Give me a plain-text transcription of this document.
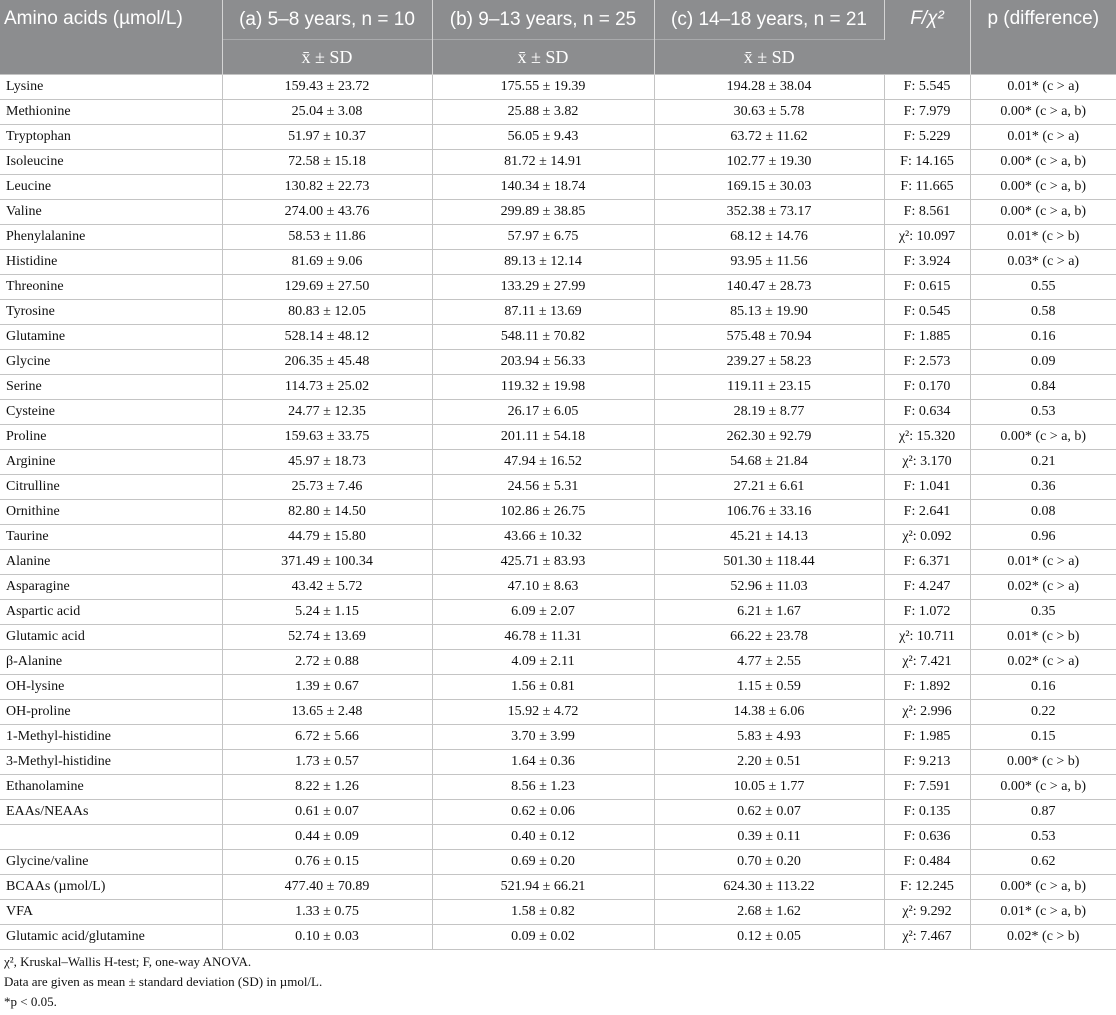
Amino acids (µmol/L)	(a) 5–8 years, n = 10	(b) 9–13 years, n = 25	(c) 14–18 years, n = 21	F/χ²	p (difference)
	x̄ ± SD	x̄ ± SD	x̄ ± SD		
Lysine	159.43 ± 23.72	175.55 ± 19.39	194.28 ± 38.04	F: 5.545	0.01* (c > a)
Methionine	25.04 ± 3.08	25.88 ± 3.82	30.63 ± 5.78	F: 7.979	0.00* (c > a, b)
Tryptophan	51.97 ± 10.37	56.05 ± 9.43	63.72 ± 11.62	F: 5.229	0.01* (c > a)
Isoleucine	72.58 ± 15.18	81.72 ± 14.91	102.77 ± 19.30	F: 14.165	0.00* (c > a, b)
Leucine	130.82 ± 22.73	140.34 ± 18.74	169.15 ± 30.03	F: 11.665	0.00* (c > a, b)
Valine	274.00 ± 43.76	299.89 ± 38.85	352.38 ± 73.17	F: 8.561	0.00* (c > a, b)
Phenylalanine	58.53 ± 11.86	57.97 ± 6.75	68.12 ± 14.76	χ²: 10.097	0.01* (c > b)
Histidine	81.69 ± 9.06	89.13 ± 12.14	93.95 ± 11.56	F: 3.924	0.03* (c > a)
Threonine	129.69 ± 27.50	133.29 ± 27.99	140.47 ± 28.73	F: 0.615	0.55
Tyrosine	80.83 ± 12.05	87.11 ± 13.69	85.13 ± 19.90	F: 0.545	0.58
Glutamine	528.14 ± 48.12	548.11 ± 70.82	575.48 ± 70.94	F: 1.885	0.16
Glycine	206.35 ± 45.48	203.94 ± 56.33	239.27 ± 58.23	F: 2.573	0.09
Serine	114.73 ± 25.02	119.32 ± 19.98	119.11 ± 23.15	F: 0.170	0.84
Cysteine	24.77 ± 12.35	26.17 ± 6.05	28.19 ± 8.77	F: 0.634	0.53
Proline	159.63 ± 33.75	201.11 ± 54.18	262.30 ± 92.79	χ²: 15.320	0.00* (c > a, b)
Arginine	45.97 ± 18.73	47.94 ± 16.52	54.68 ± 21.84	χ²: 3.170	0.21
Citrulline	25.73 ± 7.46	24.56 ± 5.31	27.21 ± 6.61	F: 1.041	0.36
Ornithine	82.80 ± 14.50	102.86 ± 26.75	106.76 ± 33.16	F: 2.641	0.08
Taurine	44.79 ± 15.80	43.66 ± 10.32	45.21 ± 14.13	χ²: 0.092	0.96
Alanine	371.49 ± 100.34	425.71 ± 83.93	501.30 ± 118.44	F: 6.371	0.01* (c > a)
Asparagine	43.42 ± 5.72	47.10 ± 8.63	52.96 ± 11.03	F: 4.247	0.02* (c > a)
Aspartic acid	5.24 ± 1.15	6.09 ± 2.07	6.21 ± 1.67	F: 1.072	0.35
Glutamic acid	52.74 ± 13.69	46.78 ± 11.31	66.22 ± 23.78	χ²: 10.711	0.01* (c > b)
β-Alanine	2.72 ± 0.88	4.09 ± 2.11	4.77 ± 2.55	χ²: 7.421	0.02* (c > a)
OH-lysine	1.39 ± 0.67	1.56 ± 0.81	1.15 ± 0.59	F: 1.892	0.16
OH-proline	13.65 ± 2.48	15.92 ± 4.72	14.38 ± 6.06	χ²: 2.996	0.22
1-Methyl-histidine	6.72 ± 5.66	3.70 ± 3.99	5.83 ± 4.93	F: 1.985	0.15
3-Methyl-histidine	1.73 ± 0.57	1.64 ± 0.36	2.20 ± 0.51	F: 9.213	0.00* (c > b)
Ethanolamine	8.22 ± 1.26	8.56 ± 1.23	10.05 ± 1.77	F: 7.591	0.00* (c > a, b)
EAAs/NEAAs	0.61 ± 0.07	0.62 ± 0.06	0.62 ± 0.07	F: 0.135	0.87
	0.44 ± 0.09	0.40 ± 0.12	0.39 ± 0.11	F: 0.636	0.53
Glycine/valine	0.76 ± 0.15	0.69 ± 0.20	0.70 ± 0.20	F: 0.484	0.62
BCAAs (µmol/L)	477.40 ± 70.89	521.94 ± 66.21	624.30 ± 113.22	F: 12.245	0.00* (c > a, b)
VFA	1.33 ± 0.75	1.58 ± 0.82	2.68 ± 1.62	χ²: 9.292	0.01* (c > a, b)
Glutamic acid/glutamine	0.10 ± 0.03	0.09 ± 0.02	0.12 ± 0.05	χ²: 7.467	0.02* (c > b)
χ², Kruskal–Wallis H-test; F, one-way ANOVA.
Data are given as mean ± standard deviation (SD) in µmol/L.
*p < 0.05.
